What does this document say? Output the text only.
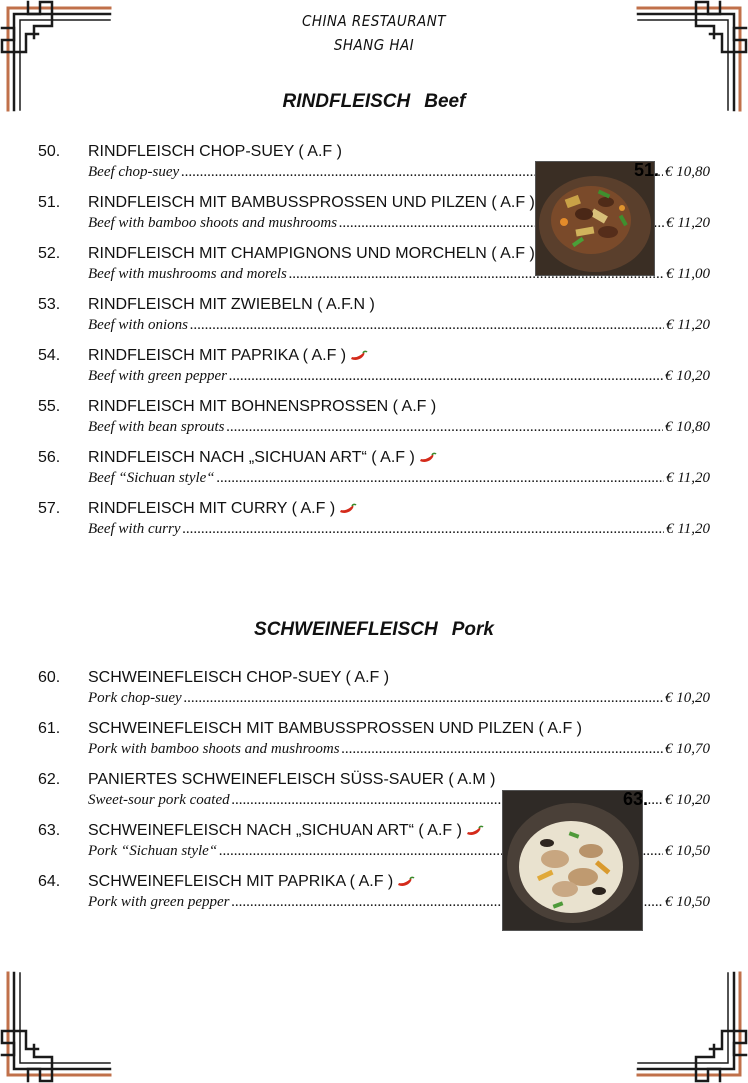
CHINA RESTAURANT
SHANG HAI
RINDFLEISCH Beef
50. RINDFLEISCH CHOP-SUEY ( A.F )
Beef chop-suey .....	€ 10,80
51. RINDFLEISCH MIT BAMBUSSPROSSEN UND PILZEN ( A.F )
Beef with bamboo shoots and mushrooms .....	€ 11,20
52. RINDFLEISCH MIT CHAMPIGNONS UND MORCHELN ( A.F )
Beef with mushrooms and morels .....	€ 11,00
53. RINDFLEISCH MIT ZWIEBELN ( A.F.N )
Beef with onions .....	€ 11,20
54. RINDFLEISCH MIT PAPRIKA ( A.F )
Beef with green pepper .....	€ 10,20
55. RINDFLEISCH MIT BOHNENSPROSSEN ( A.F )
Beef with bean sprouts .....	€ 10,80
56. RINDFLEISCH NACH „SICHUAN ART“ ( A.F )
Beef “Sichuan style“ .....	€ 11,20
57. RINDFLEISCH MIT CURRY ( A.F )
Beef with curry .....	€ 11,20
51.
SCHWEINEFLEISCH Pork
60. SCHWEINEFLEISCH CHOP-SUEY ( A.F )
Pork chop-suey .....	€ 10,20
61. SCHWEINEFLEISCH MIT BAMBUSSPROSSEN UND PILZEN ( A.F )
Pork with bamboo shoots and mushrooms .....	€ 10,70
62. PANIERTES SCHWEINEFLEISCH SÜSS-SAUER ( A.M )
Sweet-sour pork coated .....	€ 10,20
63. SCHWEINEFLEISCH NACH „SICHUAN ART“ ( A.F )
Pork “Sichuan style“ .....	€ 10,50
64. SCHWEINEFLEISCH MIT PAPRIKA ( A.F )
Pork with green pepper .....	€ 10,50
63.
